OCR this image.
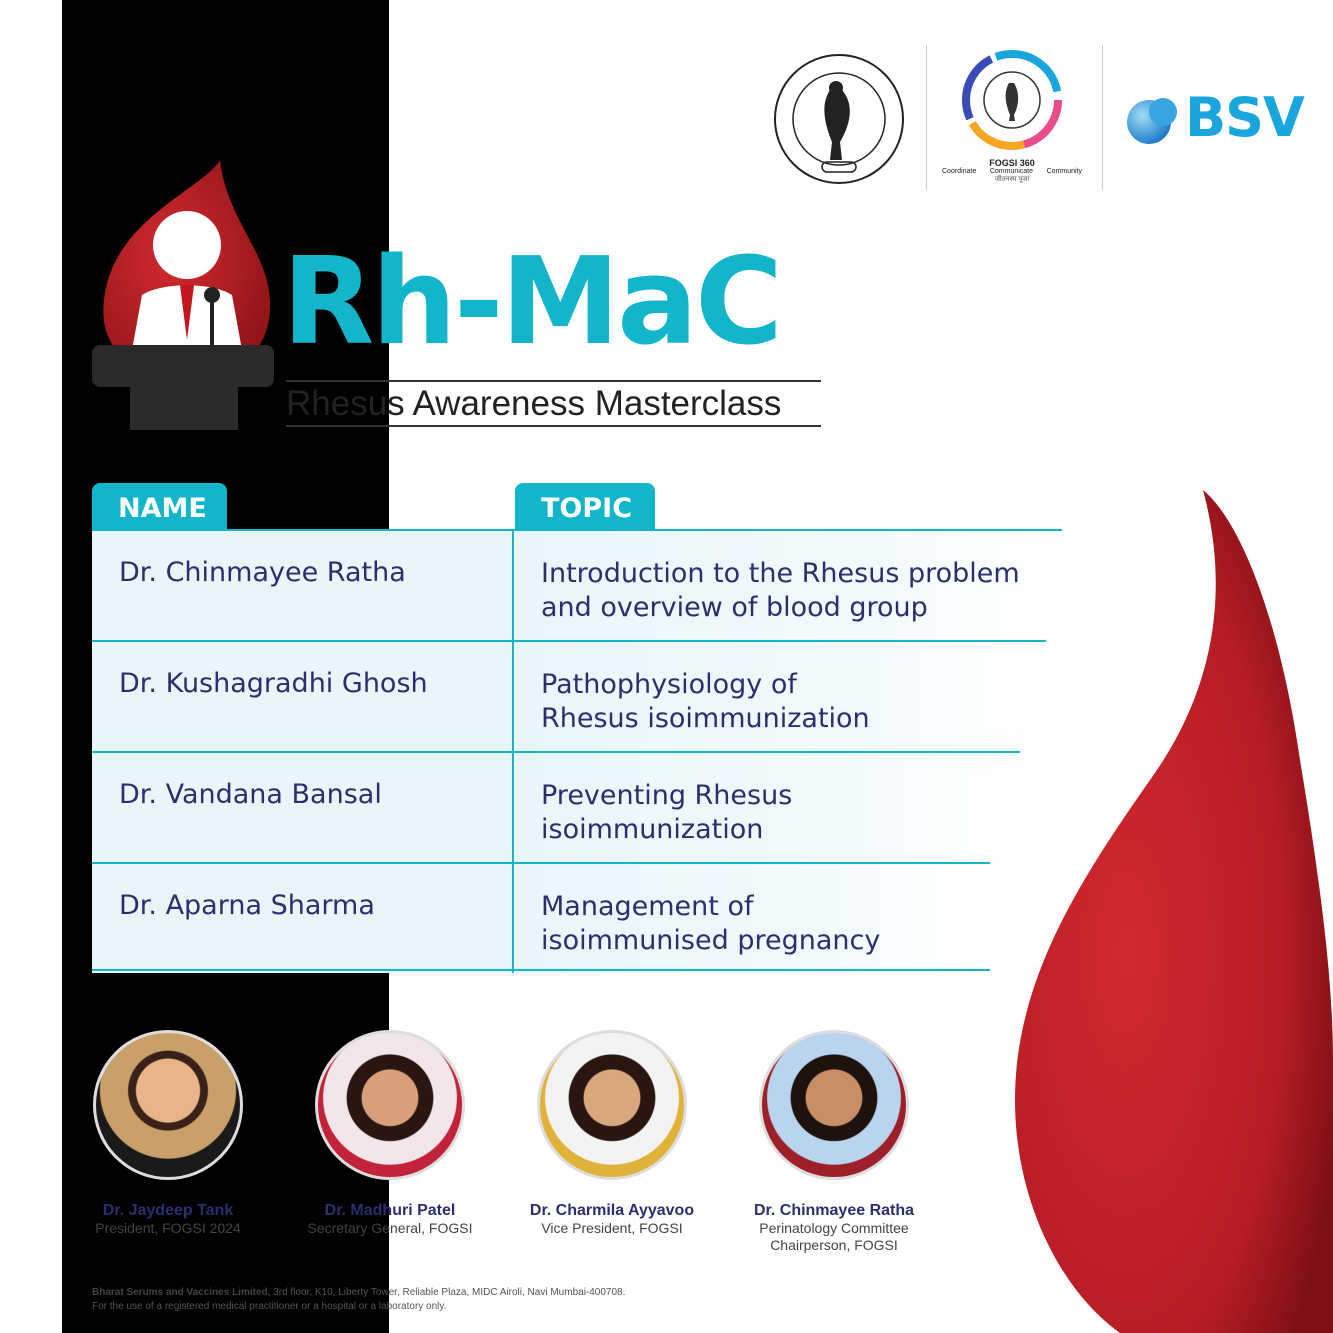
FOGSI 360
Coordinate Communicate Community
जीतनस्य पूजा
BSV
Rh-MaC
Rhesus Awareness Masterclass
NAME	TOPIC
Dr. Chinmayee Ratha	Introduction to the Rhesus problem
and overview of blood group
Dr. Kushagradhi Ghosh	Pathophysiology of
Rhesus isoimmunization
Dr. Vandana Bansal	Preventing Rhesus
isoimmunization
Dr. Aparna Sharma	Management of
isoimmunised pregnancy
Dr. Jaydeep Tank
President, FOGSI 2024
Dr. Madhuri Patel
Secretary General, FOGSI
Dr. Charmila Ayyavoo
Vice President, FOGSI
Dr. Chinmayee Ratha
Perinatology Committee
Chairperson, FOGSI
Bharat Serums and Vaccines Limited, 3rd floor, K10, Liberty Tower, Reliable Plaza, MIDC Airoli, Navi Mumbai-400708.
For the use of a registered medical practitioner or a hospital or a laboratory only.
